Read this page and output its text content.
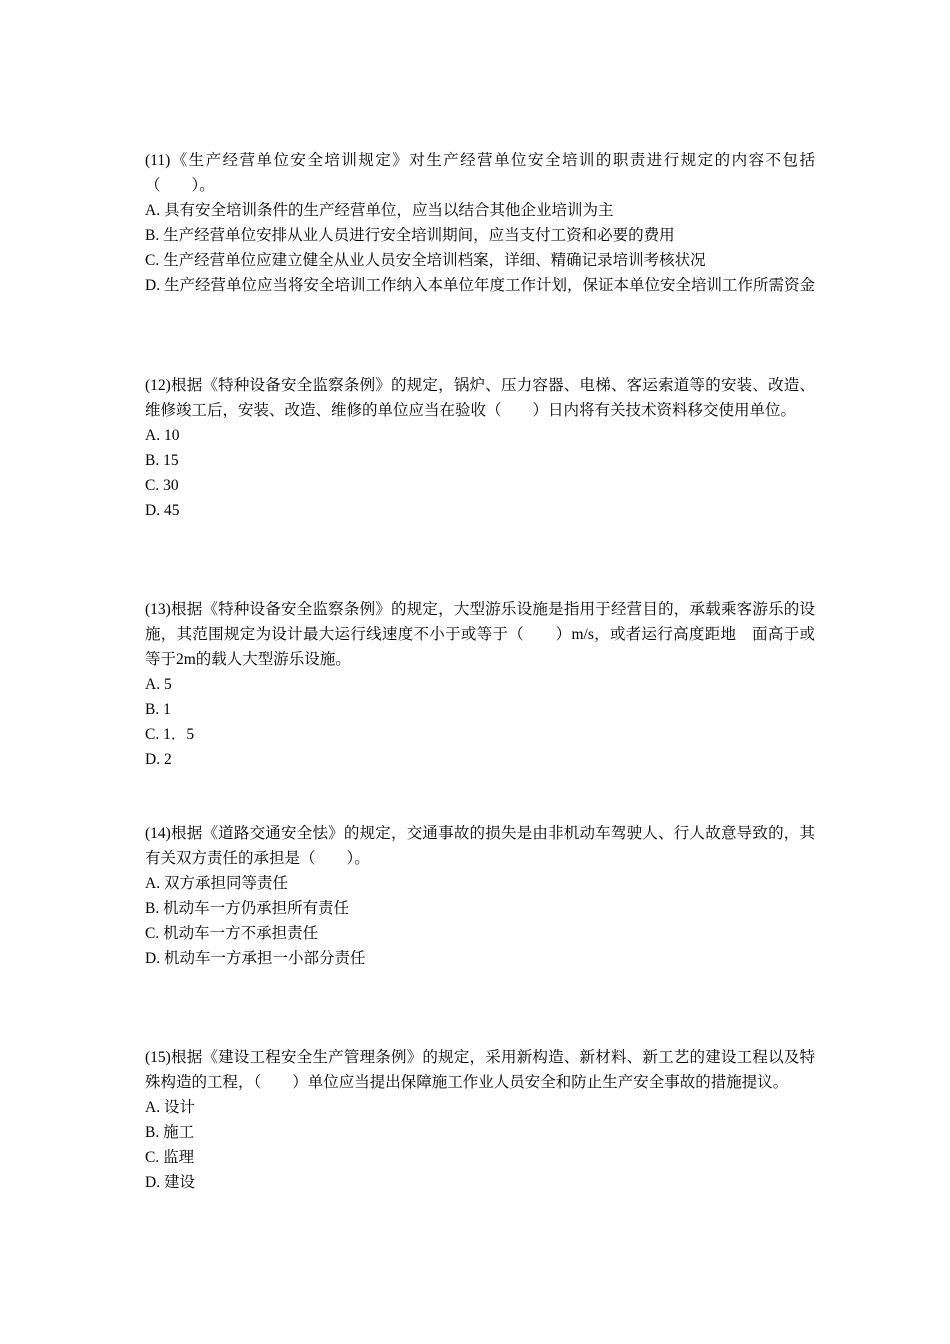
(11)《生产经营单位安全培训规定》对生产经营单位安全培训的职责进行规定的内容不包括　（　　）。

A. 具有安全培训条件的生产经营单位，应当以结合其他企业培训为主
B. 生产经营单位安排从业人员进行安全培训期间，应当支付工资和必要的费用
C. 生产经营单位应建立健全从业人员安全培训档案，详细、精确记录培训考核状况
D. 生产经营单位应当将安全培训工作纳入本单位年度工作计划，保证本单位安全培训工作所需资金

(12)根据《特种设备安全监察条例》的规定，锅炉、压力容器、电梯、客运索道等的安装、改造、维修竣工后，安装、改造、维修的单位应当在验收（　　）日内将有关技术资料移交使用单位。

A. 10
B. 15
C. 30
D. 45

(13)根据《特种设备安全监察条例》的规定，大型游乐设施是指用于经营目的，承载乘客游乐的设施，其范围规定为设计最大运行线速度不小于或等于（　　）m/s，或者运行高度距地　面高于或等于2m的载人大型游乐设施。

A. 5
B. 1
C. 1．5
D. 2

(14)根据《道路交通安全怯》的规定，交通事故的损失是由非机动车驾驶人、行人故意导致的，其有关双方责任的承担是（　　）。

A. 双方承担同等责任
B. 机动车一方仍承担所有责任
C. 机动车一方不承担责任
D. 机动车一方承担一小部分责任

(15)根据《建设工程安全生产管理条例》的规定，采用新构造、新材料、新工艺的建设工程以及特殊构造的工程，（　　）单位应当提出保障施工作业人员安全和防止生产安全事故的措施提议。

A. 设计
B. 施工
C. 监理
D. 建设
